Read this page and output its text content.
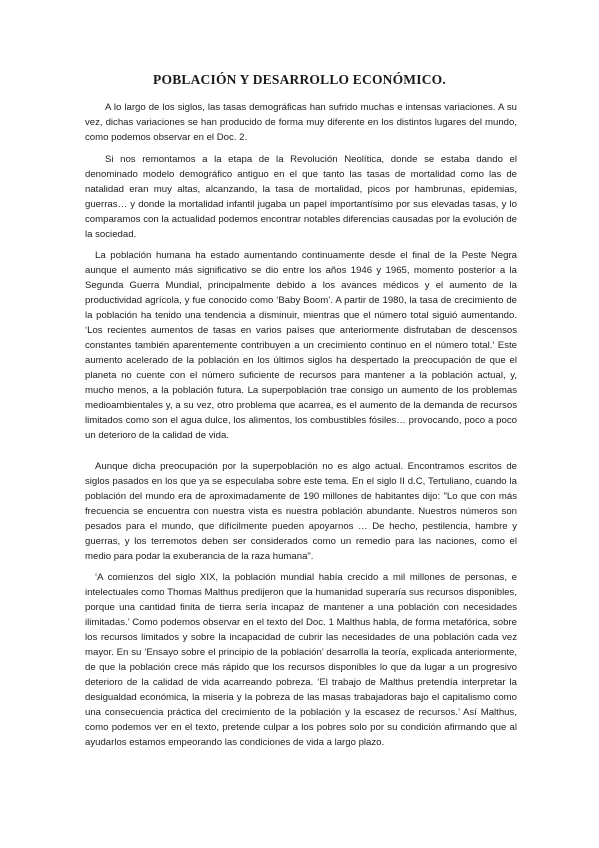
POBLACIÓN Y DESARROLLO ECONÓMICO.

A lo largo de los siglos, las tasas demográficas han sufrido muchas e intensas variaciones. A su vez, dichas variaciones se han producido de forma muy diferente en los distintos lugares del mundo, como podemos observar en el Doc. 2.

Si nos remontamos a la etapa de la Revolución Neolítica, donde se estaba dando el denominado modelo demográfico antiguo en el que tanto las tasas de mortalidad como las de natalidad eran muy altas, alcanzando, la tasa de mortalidad, picos por hambrunas, epidemias, guerras… y donde la mortalidad infantil jugaba un papel importantísimo por sus elevadas tasas, y lo comparamos con la actualidad podemos encontrar notables diferencias causadas por la evolución de la sociedad.

La población humana ha estado aumentando continuamente desde el final de la Peste Negra aunque el aumento más significativo se dio entre los años 1946 y 1965, momento posterior a la Segunda Guerra Mundial, principalmente debido a los avances médicos y el aumento de la productividad agrícola, y fue conocido como ‘Baby Boom’. A partir de 1980, la tasa de crecimiento de la población ha tenido una tendencia a disminuir, mientras que el número total siguió aumentando. ‘Los recientes aumentos de tasas en varios países que anteriormente disfrutaban de descensos constantes también aparentemente contribuyen a un crecimiento continuo en el número total.’ Este aumento acelerado de la población en los últimos siglos ha despertado la preocupación de que el planeta no cuente con el número suficiente de recursos para mantener a la población actual, y, mucho menos, a la población futura. La superpoblación trae consigo un aumento de los problemas medioambientales y, a su vez, otro problema que acarrea, es el aumento de la demanda de recursos limitados como son el agua dulce, los alimentos, los combustibles fósiles… provocando, poco a poco un deterioro de la calidad de vida.

Aunque dicha preocupación por la superpoblación no es algo actual. Encontramos escritos de siglos pasados en los que ya se especulaba sobre este tema. En el siglo II d.C, Tertuliano, cuando la población del mundo era de aproximadamente de 190 millones de habitantes dijo: "Lo que con más frecuencia se encuentra con nuestra vista es nuestra población abundante. Nuestros números son pesados para el mundo, que difícilmente pueden apoyarnos … De hecho, pestilencia, hambre y guerras, y los terremotos deben ser considerados como un remedio para las naciones, como el medio para podar la exuberancia de la raza humana".

‘A comienzos del siglo XIX, la población mundial había crecido a mil millones de personas, e intelectuales como Thomas Malthus predijeron que la humanidad superaría sus recursos disponibles, porque una cantidad finita de tierra sería incapaz de mantener a una población con necesidades ilimitadas.’ Como podemos observar en el texto del Doc. 1 Malthus habla, de forma metafórica, sobre los recursos limitados y sobre la incapacidad de cubrir las necesidades de una población cada vez mayor. En su ‘Ensayo sobre el principio de la población’ desarrolla la teoría, explicada anteriormente, de que la población crece más rápido que los recursos disponibles lo que da lugar a un progresivo deterioro de la calidad de vida acarreando pobreza. ‘El trabajo de Malthus pretendía interpretar la desigualdad económica, la miseria y la pobreza de las masas trabajadoras bajo el capitalismo como una consecuencia práctica del crecimiento de la población y la escasez de recursos.’ Así Malthus, como podemos ver en el texto, pretende culpar a los pobres solo por su condición afirmando que al ayudarlos estamos empeorando las condiciones de vida a largo plazo.
